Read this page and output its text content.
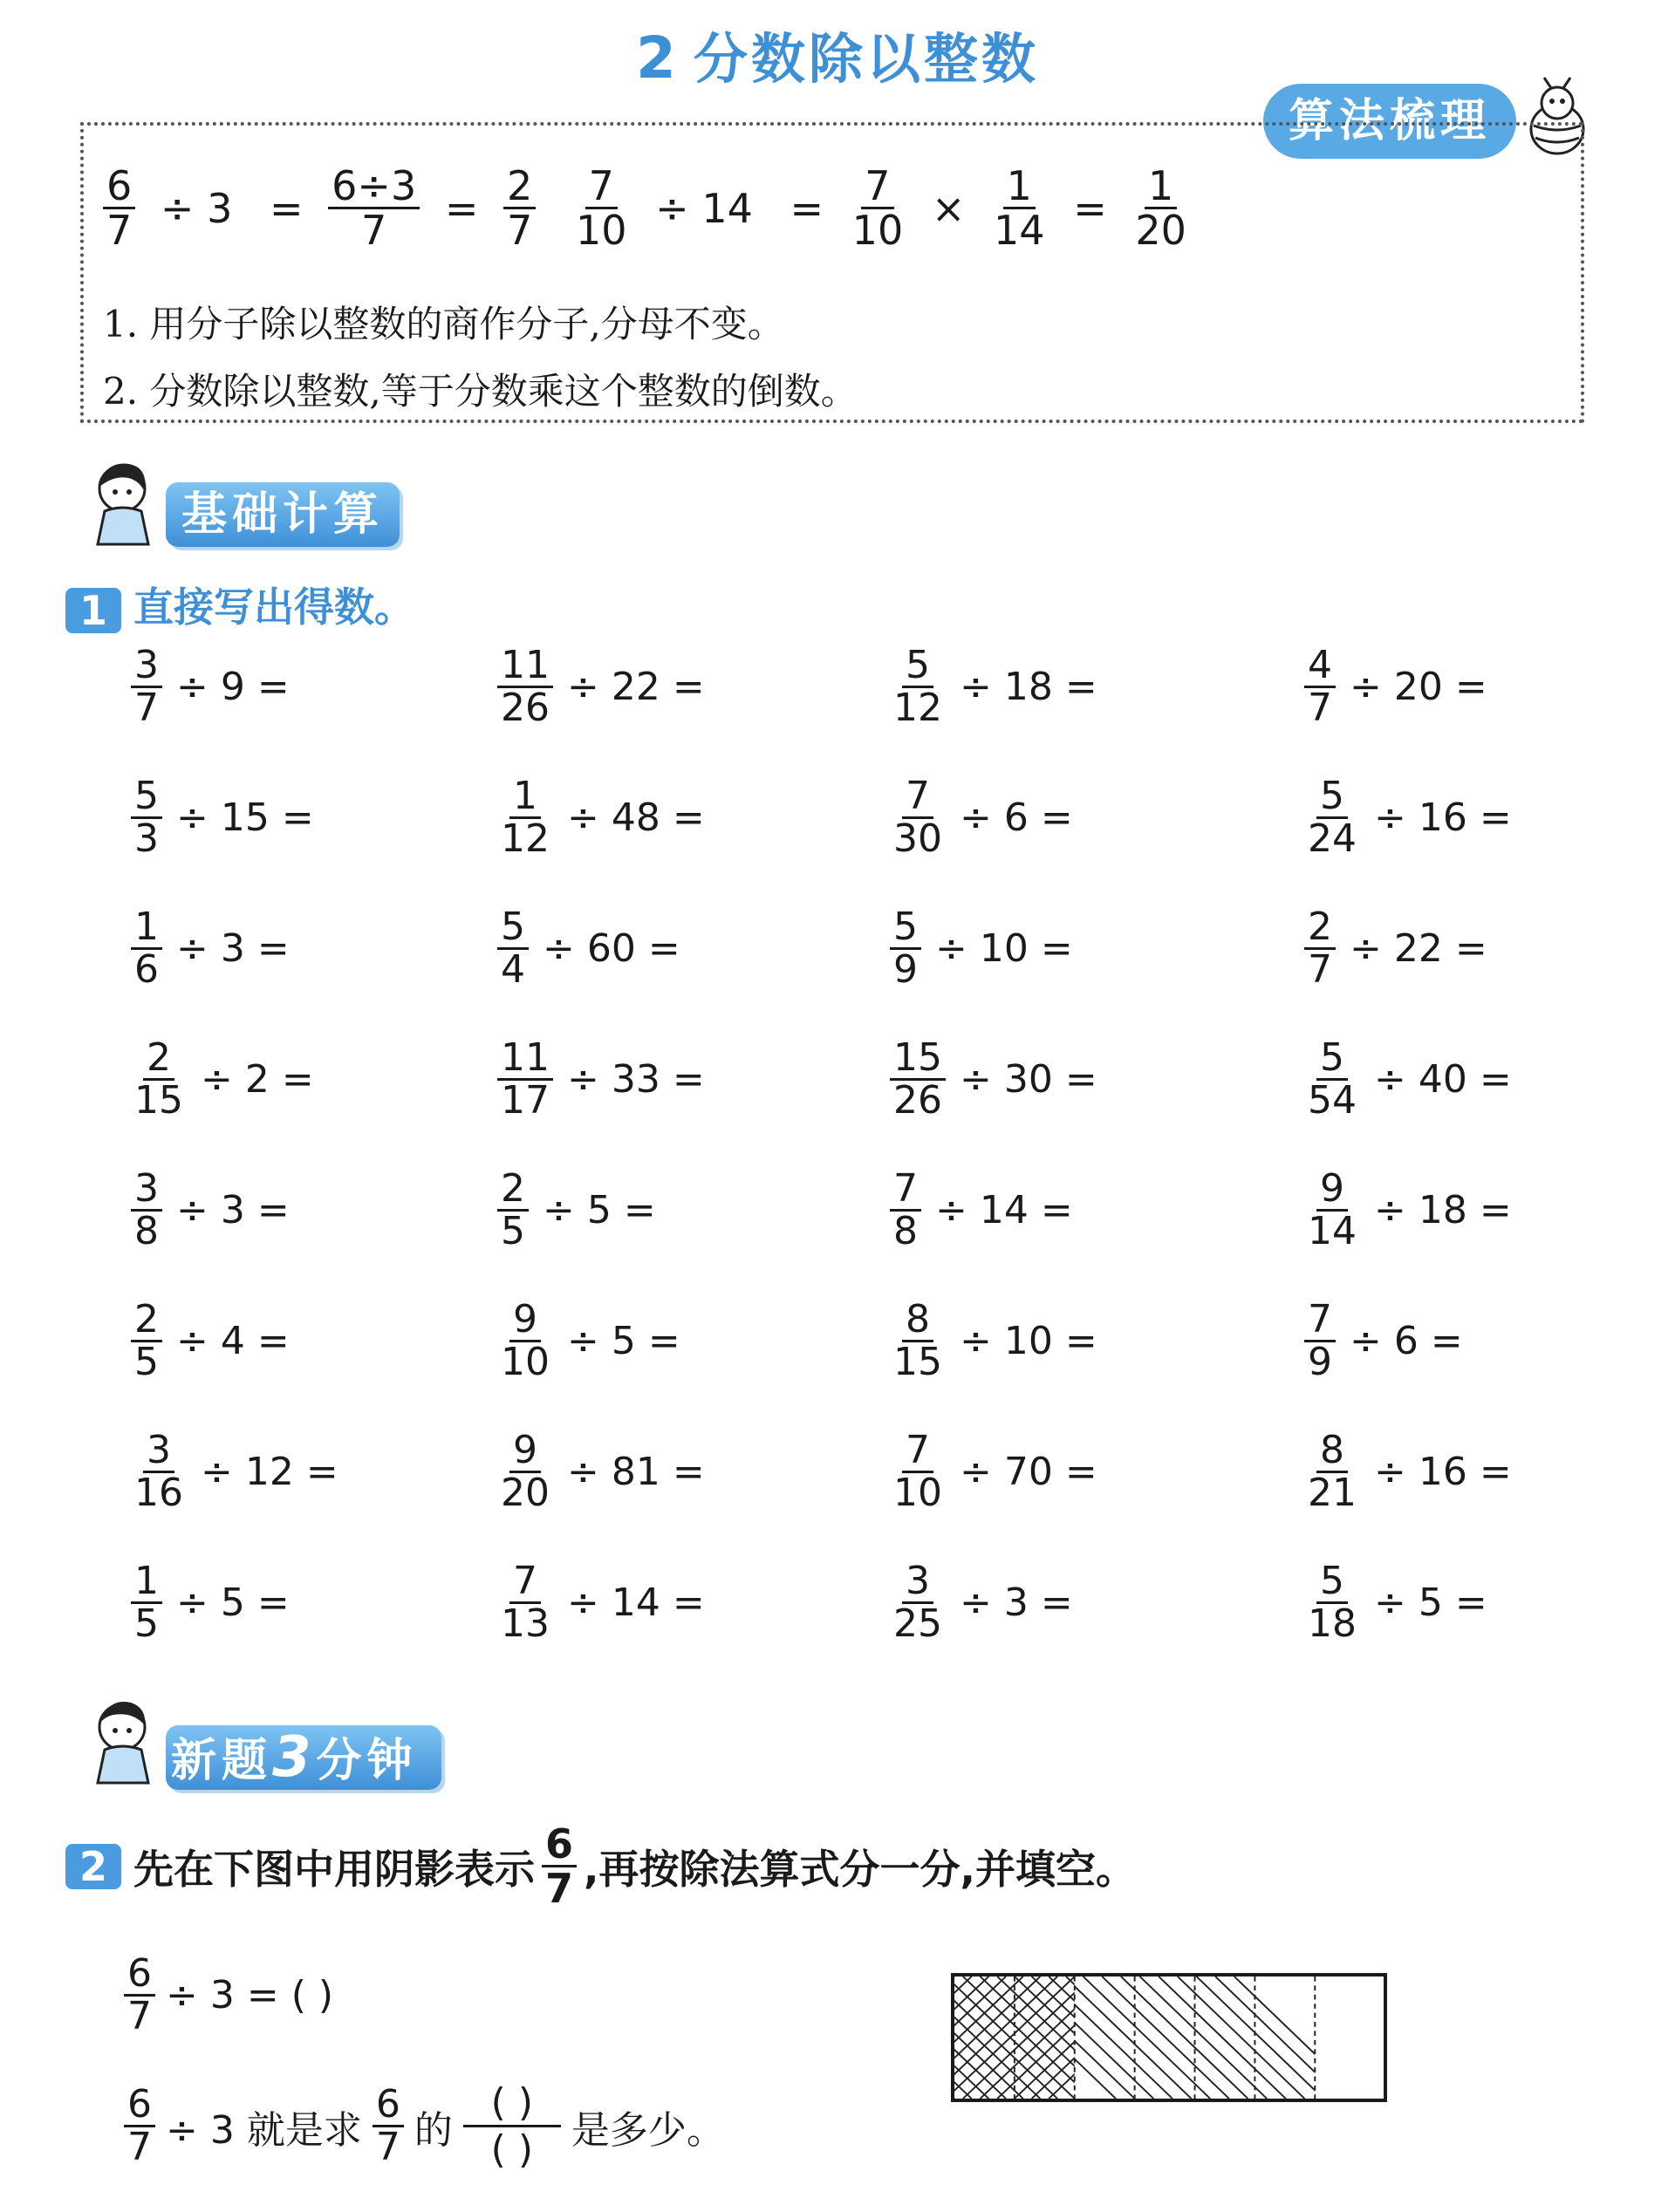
2 分数除以整数
算法梳理
$\frac{6}{7} \div 3 = \frac{6\div 3}{7} = \frac{2}{7} \frac{7}{10} \div 14 = \frac{7}{10} \times \frac{1}{14} = \frac{1}{20}$
1. 用分子除以整数的商作分子,分母不变。
2. 分数除以整数,等于分数乘这个整数的倒数。
基础计算
1 直接写出得数。
$\frac{3}{7} \div 9$ =	$\frac{11}{26} \div 22$ =	$\frac{5}{12} \div 18$ =	$\frac{4}{7} \div 20$ =
$\frac{5}{3} \div 15$ =	$\frac{1}{12} \div 48$ =	$\frac{7}{30} \div 6$ =	$\frac{5}{24} \div 16$ =
$\frac{1}{6} \div 3$ =	$\frac{5}{4} \div 60$ =	$\frac{5}{9} \div 10$ =	$\frac{2}{7} \div 22$ =
$\frac{2}{15} \div 2$ =	$\frac{11}{17} \div 33$ =	$\frac{15}{26} \div 30$ =	$\frac{5}{54} \div 40$ =
$\frac{3}{8} \div 3$ =	$\frac{2}{5} \div 5$ =	$\frac{7}{8} \div 14$ =	$\frac{9}{14} \div 18$ =
$\frac{2}{5} \div 4$ =	$\frac{9}{10} \div 5$ =	$\frac{8}{15} \div 10$ =	$\frac{7}{9} \div 6$ =
$\frac{3}{16} \div 12$ =	$\frac{9}{20} \div 81$ =	$\frac{7}{10} \div 70$ =	$\frac{8}{21} \div 16$ =
$\frac{1}{5} \div 5$ =	$\frac{7}{13} \div 14$ =	$\frac{3}{25} \div 3$ =	$\frac{5}{18} \div 5$ =
新题3分钟
2 先在下图中用阴影表示 $\frac{6}{7}$ ,再按除法算式分一分,并填空。
$\frac{6}{7} \div 3$ = ( )
$\frac{6}{7} \div 3$ 就是求 $\frac{6}{7}$ 的 $\frac{( )}{( )}$ 是多少。
